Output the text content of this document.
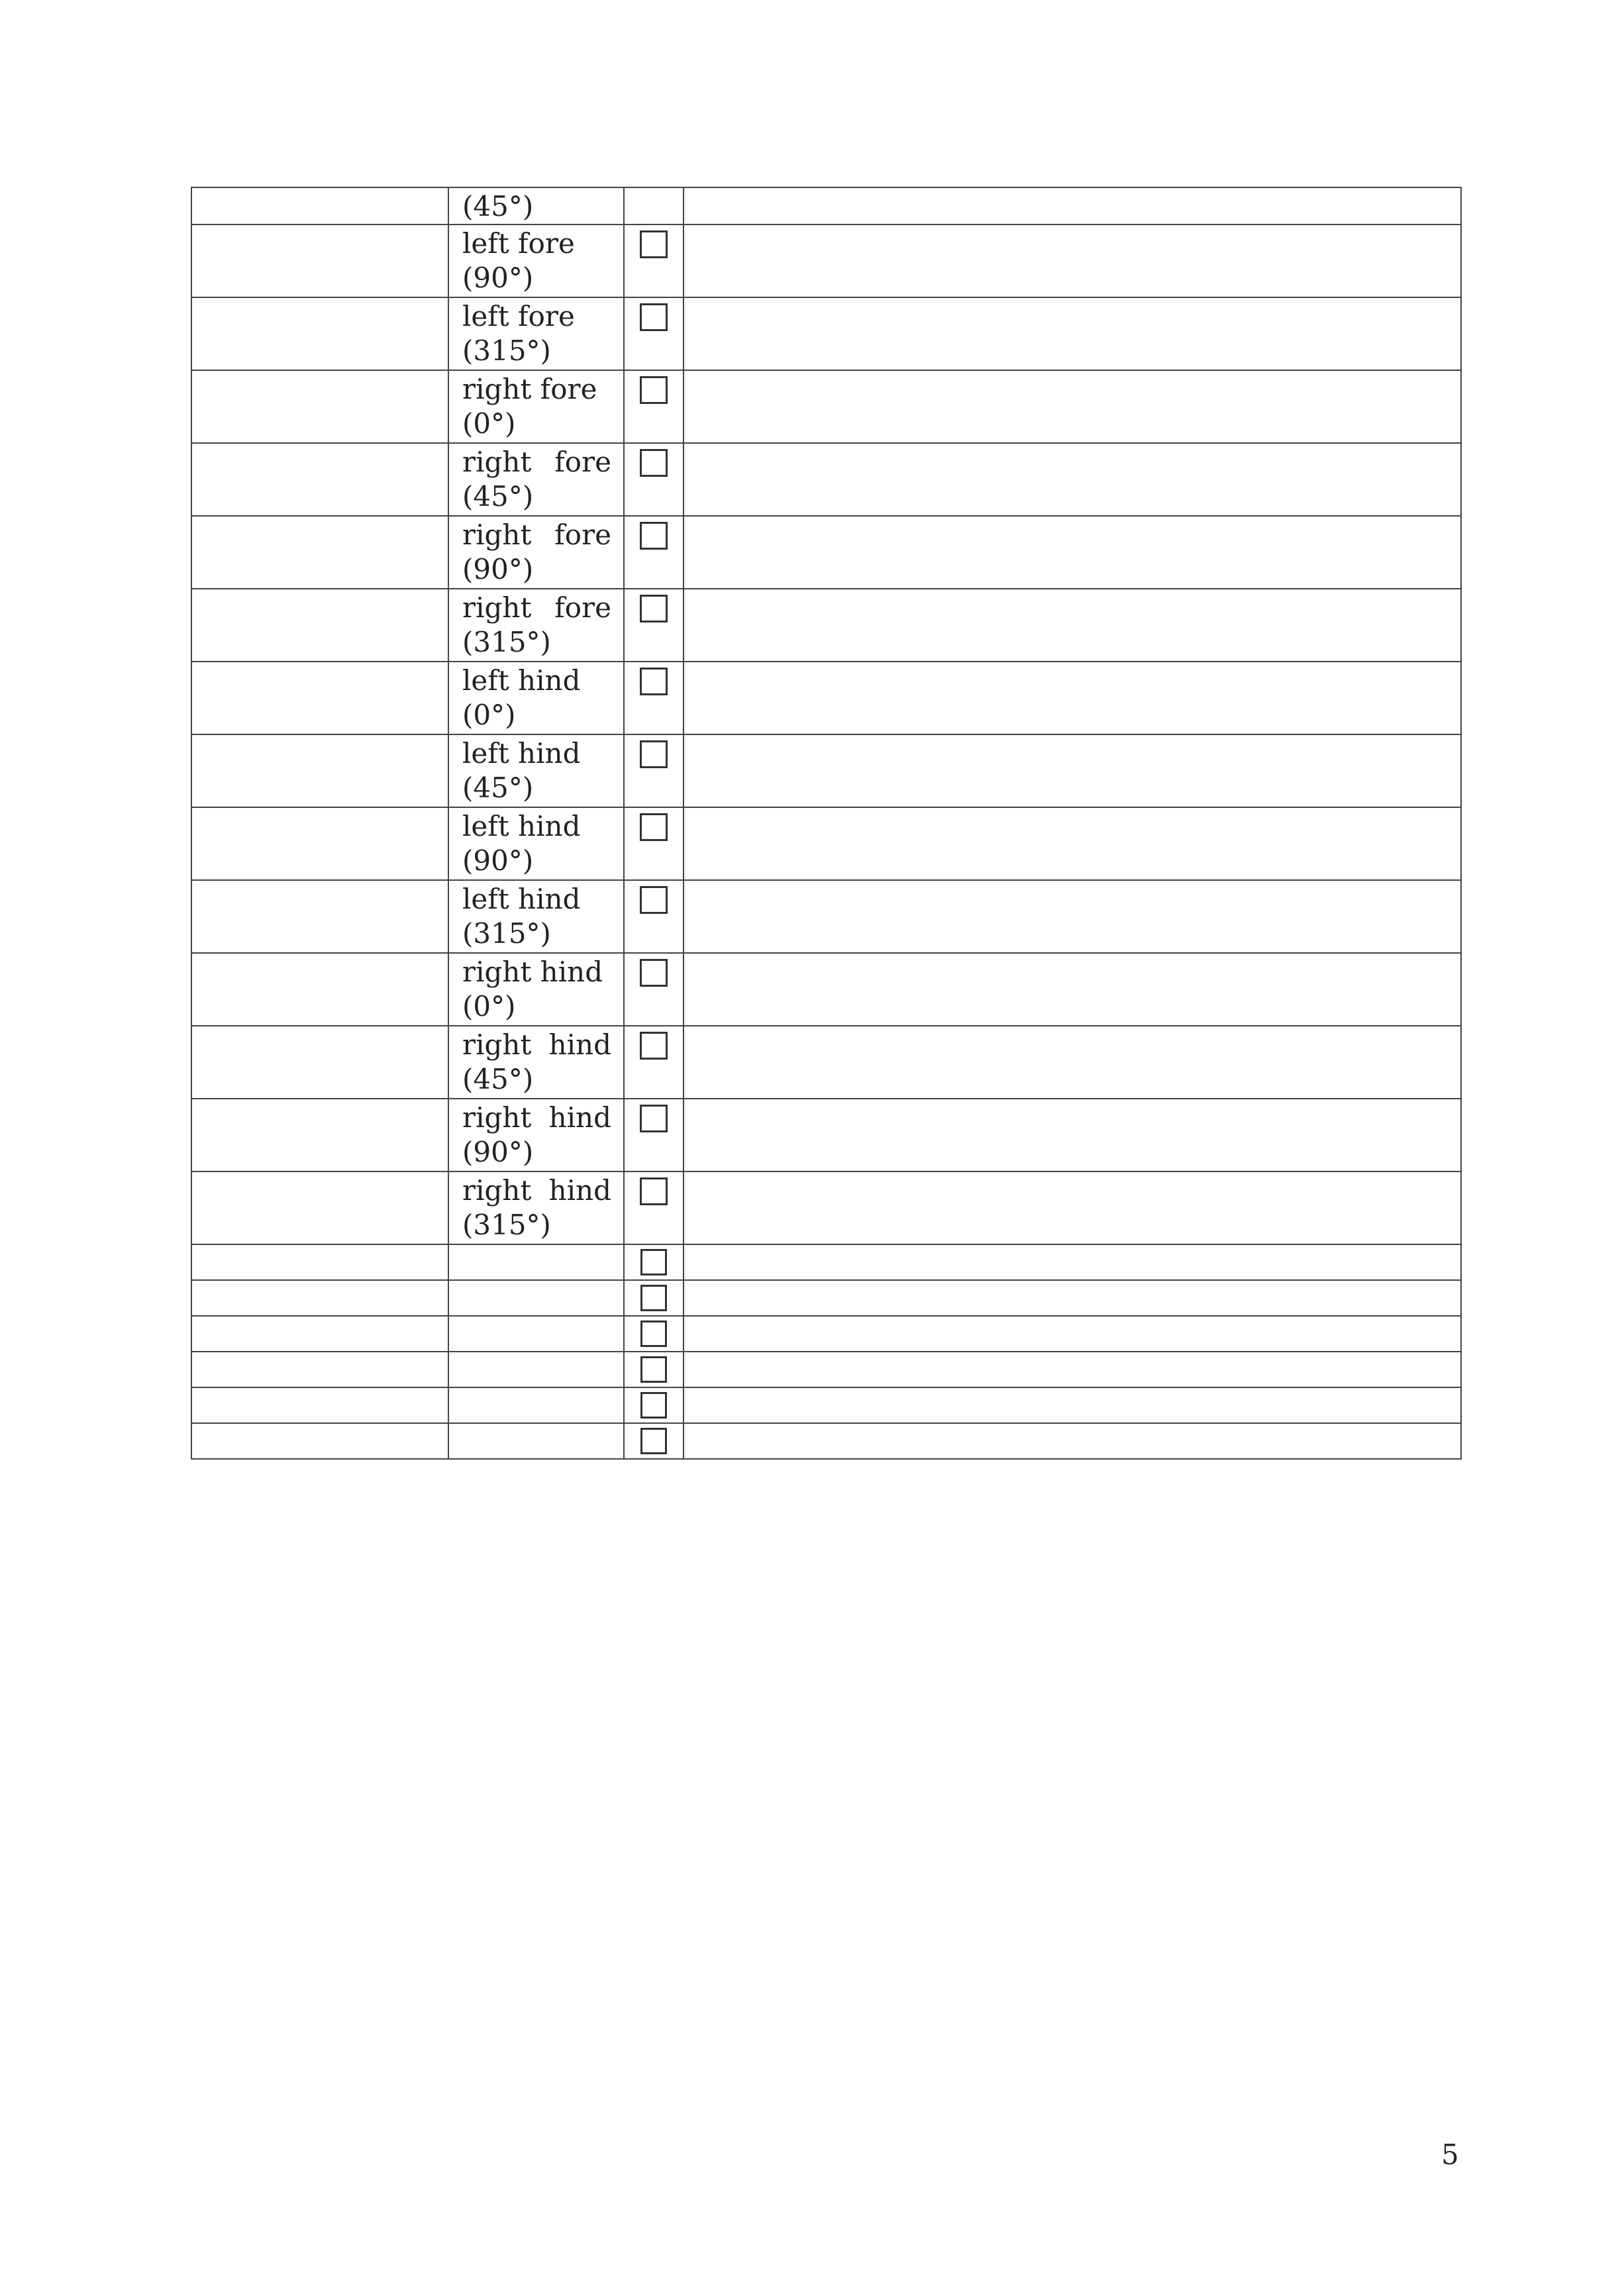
	(45°)		

	left fore
(90°)		

	left fore
(315°)		

	right fore
(0°)		

	right fore
(45°)		

	right fore
(90°)		

	right fore
(315°)		

	left hind
(0°)		

	left hind
(45°)		

	left hind
(90°)		

	left hind
(315°)		

	right hind
(0°)		

	right hind
(45°)		

	right hind
(90°)		

	right hind
(315°)		

5
